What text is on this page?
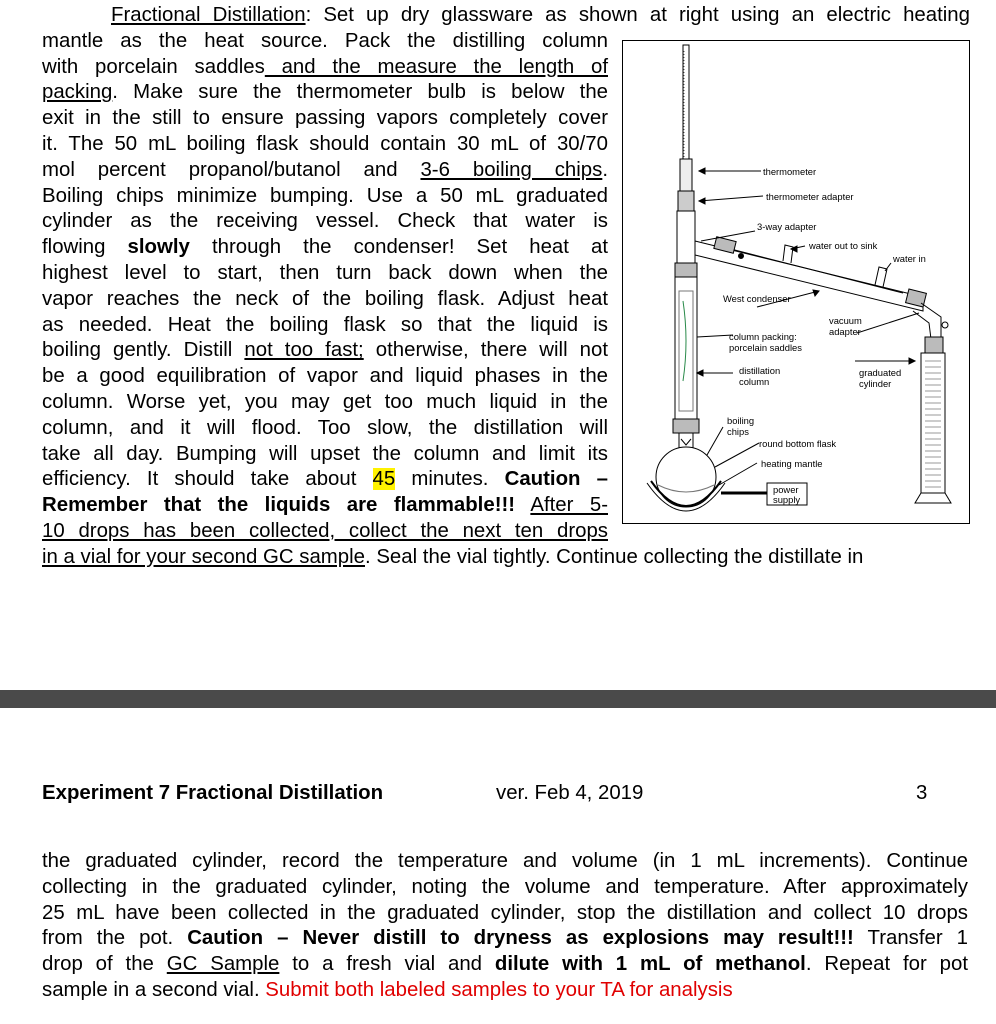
Fractional Distillation: Set up dry glassware as shown at right using an electric heating
mantle as the heat source. Pack the distilling column
with porcelain saddles and the measure the length of
packing. Make sure the thermometer bulb is below the
exit in the still to ensure passing vapors completely cover
it. The 50 mL boiling flask should contain 30 mL of 30/70
mol percent propanol/butanol and 3-6 boiling chips.
Boiling chips minimize bumping. Use a 50 mL graduated
cylinder as the receiving vessel. Check that water is
flowing slowly through the condenser! Set heat at
highest level to start, then turn back down when the
vapor reaches the neck of the boiling flask. Adjust heat
as needed. Heat the boiling flask so that the liquid is
boiling gently. Distill not too fast; otherwise, there will not
be a good equilibration of vapor and liquid phases in the
column. Worse yet, you may get too much liquid in the
column, and it will flood. Too slow, the distillation will
take all day. Bumping will upset the column and limit its
efficiency. It should take about 45 minutes. Caution –
Remember that the liquids are flammable!!! After 5-
10 drops has been collected, collect the next ten drops
in a vial for your second GC sample. Seal the vial tightly. Continue collecting the distillate in
thermometer
thermometer adapter
3-way adapter
water out to sink
water in
West condenser
vacuum
adapter
column packing:
porcelain saddles
distillation
column
graduated
cylinder
boiling
chips
round bottom flask
heating mantle
power
supply
Experiment 7 Fractional Distillation	ver. Feb 4, 2019	3
the graduated cylinder, record the temperature and volume (in 1 mL increments). Continue
collecting in the graduated cylinder, noting the volume and temperature. After approximately
25 mL have been collected in the graduated cylinder, stop the distillation and collect 10 drops
from the pot. Caution – Never distill to dryness as explosions may result!!! Transfer 1
drop of the GC Sample to a fresh vial and dilute with 1 mL of methanol. Repeat for pot
sample in a second vial. Submit both labeled samples to your TA for analysis
